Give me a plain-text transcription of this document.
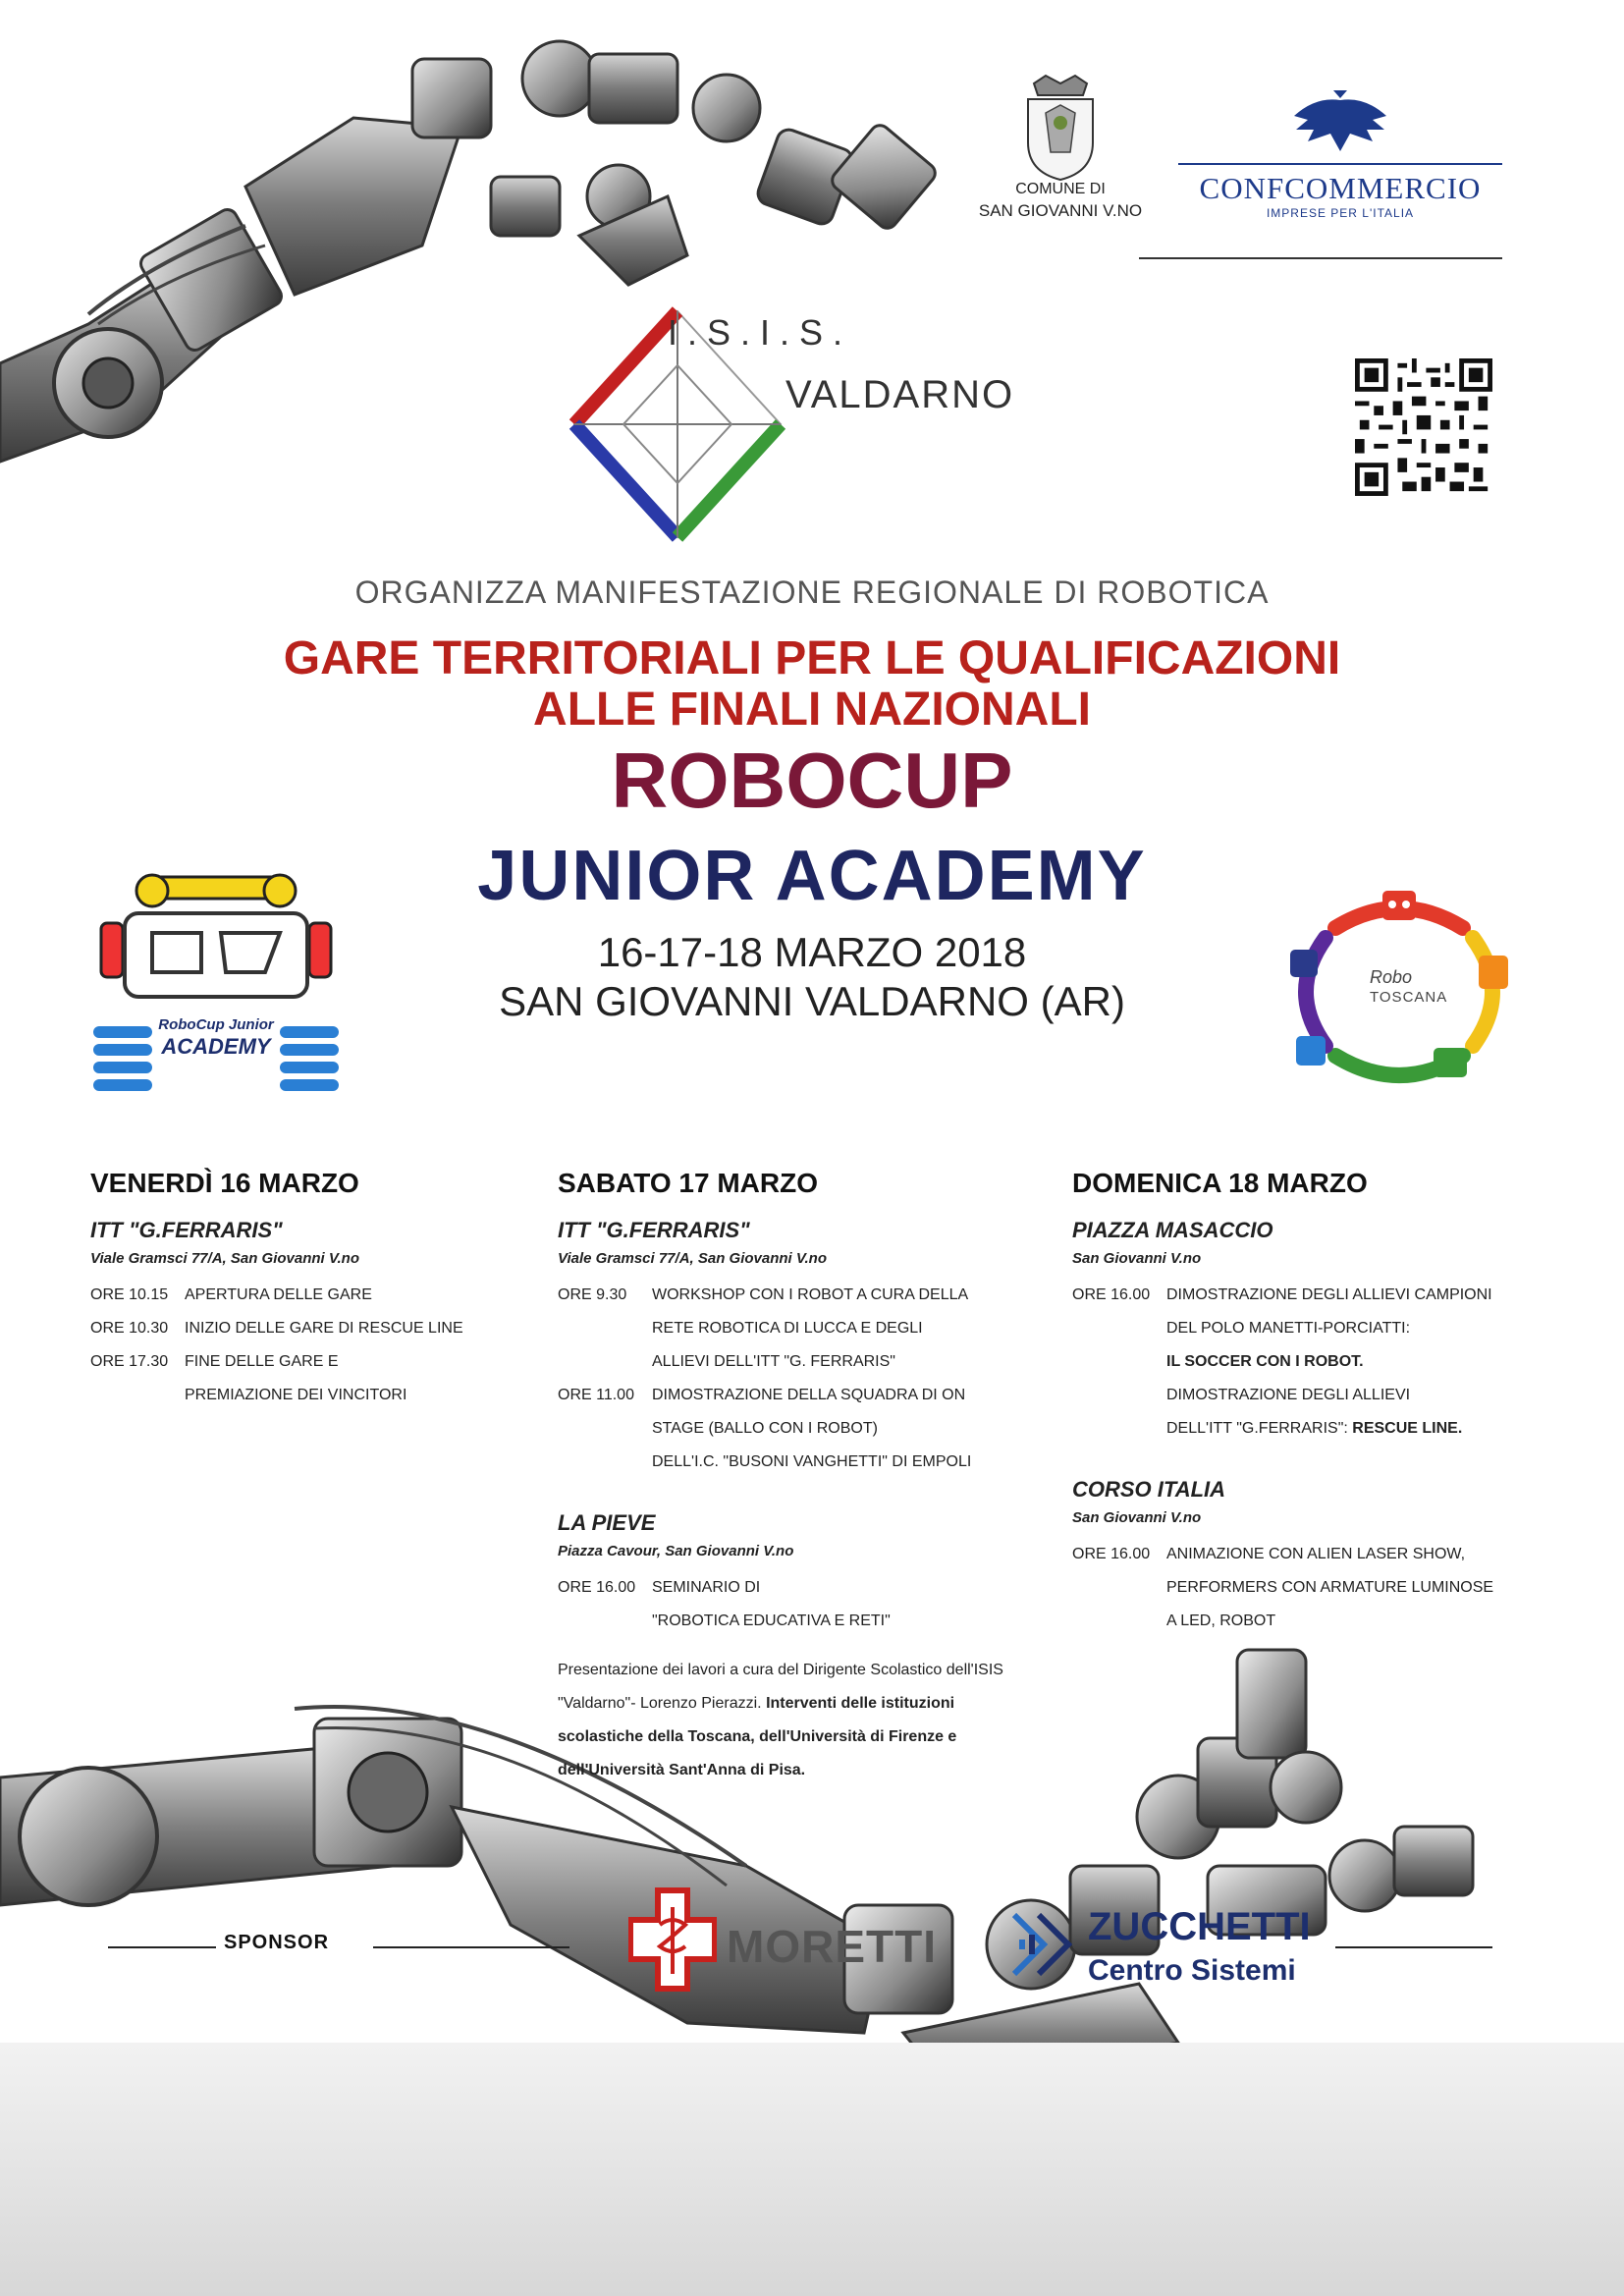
COMUNE DI
SAN GIOVANNI V.NO
CONFCOMMERCIO
IMPRESE PER L'ITALIA
I.S.I.S.
VALDARNO
ORGANIZZA MANIFESTAZIONE REGIONALE DI ROBOTICA
GARE TERRITORIALI PER LE QUALIFICAZIONI
ALLE FINALI NAZIONALI
ROBOCUP
JUNIOR ACADEMY
16-17-18 MARZO 2018
SAN GIOVANNI VALDARNO (AR)
RoboCup Junior
ACADEMY
Robo
TOSCANA
VENERDÌ 16 MARZO
ITT "G.FERRARIS"
Viale Gramsci 77/A, San Giovanni V.no
ORE 10.15	APERTURA DELLE GARE
ORE 10.30	INIZIO DELLE GARE DI RESCUE LINE
ORE 17.30	FINE DELLE GARE E
PREMIAZIONE DEI VINCITORI
SABATO 17 MARZO
ITT "G.FERRARIS"
Viale Gramsci 77/A, San Giovanni V.no
ORE 9.30	WORKSHOP CON I ROBOT A CURA DELLA
RETE ROBOTICA DI LUCCA E DEGLI
ALLIEVI DELL'ITT "G. FERRARIS"
ORE 11.00	DIMOSTRAZIONE DELLA SQUADRA DI ON
STAGE (BALLO CON I ROBOT)
DELL'I.C. "BUSONI VANGHETTI" DI EMPOLI
LA PIEVE
Piazza Cavour, San Giovanni V.no
ORE 16.00	SEMINARIO DI
"ROBOTICA EDUCATIVA E RETI"
Presentazione dei lavori a cura del Dirigente Scolastico dell'ISIS "Valdarno"- Lorenzo Pierazzi. Interventi delle istituzioni scolastiche della Toscana, dell'Università di Firenze e dell'Università Sant'Anna di Pisa.
DOMENICA 18 MARZO
PIAZZA MASACCIO
San Giovanni V.no
ORE 16.00	DIMOSTRAZIONE DEGLI ALLIEVI CAMPIONI
DEL POLO MANETTI-PORCIATTI:
IL SOCCER CON I ROBOT.
DIMOSTRAZIONE DEGLI ALLIEVI
DELL'ITT "G.FERRARIS": RESCUE LINE.
CORSO ITALIA
San Giovanni V.no
ORE 16.00	ANIMAZIONE CON ALIEN LASER SHOW,
PERFORMERS CON ARMATURE LUMINOSE
A LED, ROBOT
SPONSOR	MORETTI	ZUCCHETTI
Centro Sistemi
